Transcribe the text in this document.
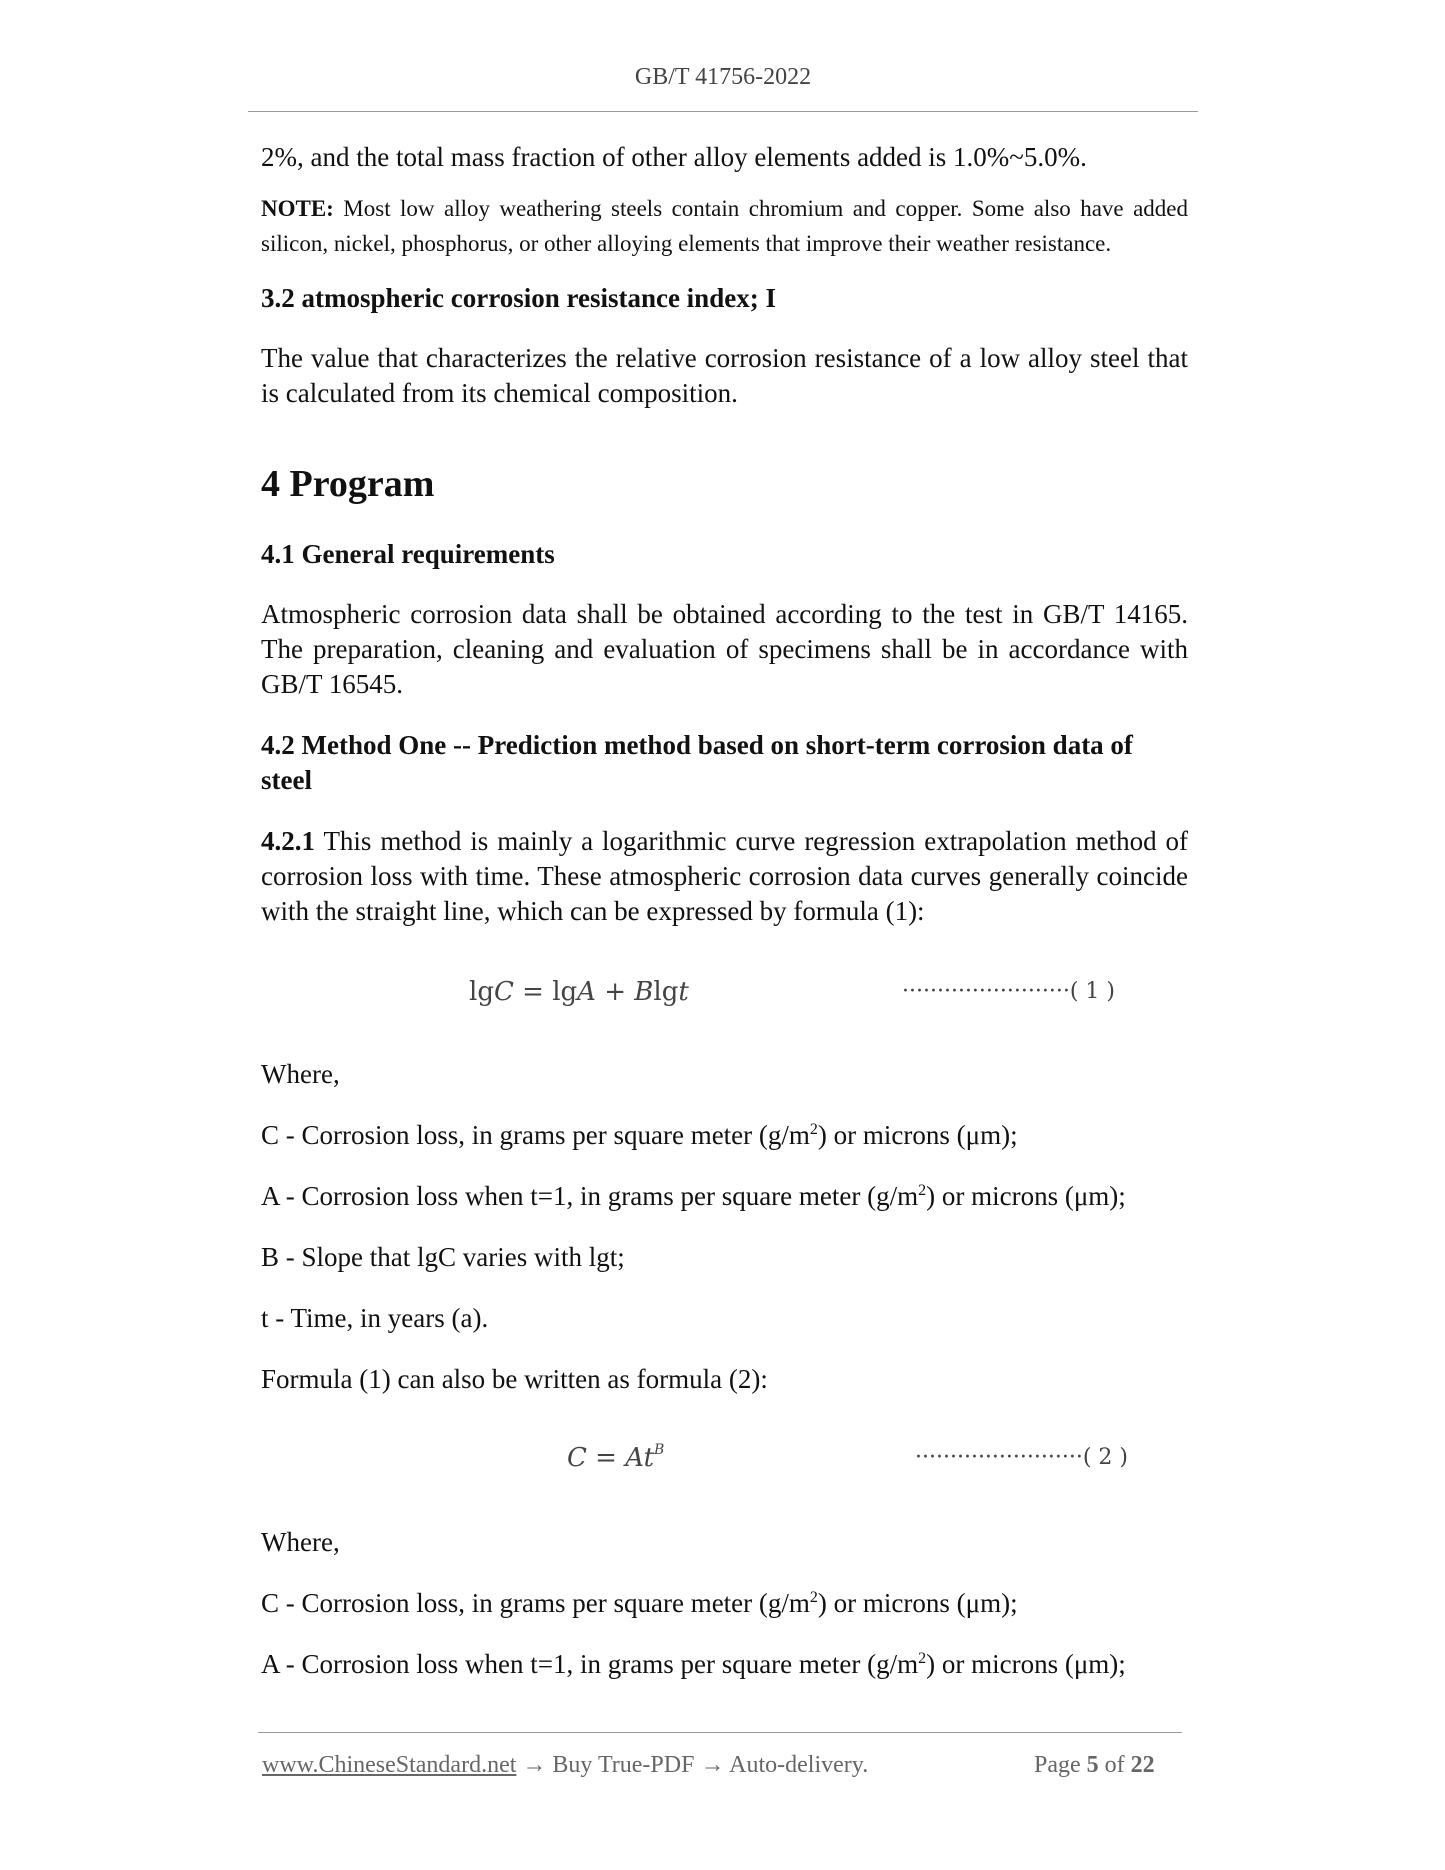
GB/T 41756-2022

2%, and the total mass fraction of other alloy elements added is 1.0%~5.0%.

NOTE: Most low alloy weathering steels contain chromium and copper. Some also have added silicon, nickel, phosphorus, or other alloying elements that improve their weather resistance.

3.2 atmospheric corrosion resistance index; I

The value that characterizes the relative corrosion resistance of a low alloy steel that is calculated from its chemical composition.

4 Program
4.1 General requirements

Atmospheric corrosion data shall be obtained according to the test in GB/T 14165. The preparation, cleaning and evaluation of specimens shall be in accordance with GB/T 16545.

4.2 Method One -- Prediction method based on short-term corrosion data of steel

4.2.1 This method is mainly a logarithmic curve regression extrapolation method of corrosion loss with time. These atmospheric corrosion data curves generally coincide with the straight line, which can be expressed by formula (1):

lgC = lgA + Blgt	························( 1 )

Where,

C - Corrosion loss, in grams per square meter $(g/m^2)$ or microns (μm);

A - Corrosion loss when t=1, in grams per square meter $(g/m^2)$ or microns (μm);

B - Slope that lgC varies with lgt;

t - Time, in years (a).

Formula (1) can also be written as formula (2):

$C = At^B$	························( 2 )

Where,

C - Corrosion loss, in grams per square meter $(g/m^2)$ or microns (μm);

A - Corrosion loss when t=1, in grams per square meter $(g/m^2)$ or microns (μm);

www.ChineseStandard.net → Buy True-PDF → Auto-delivery.	Page 5 of 22
